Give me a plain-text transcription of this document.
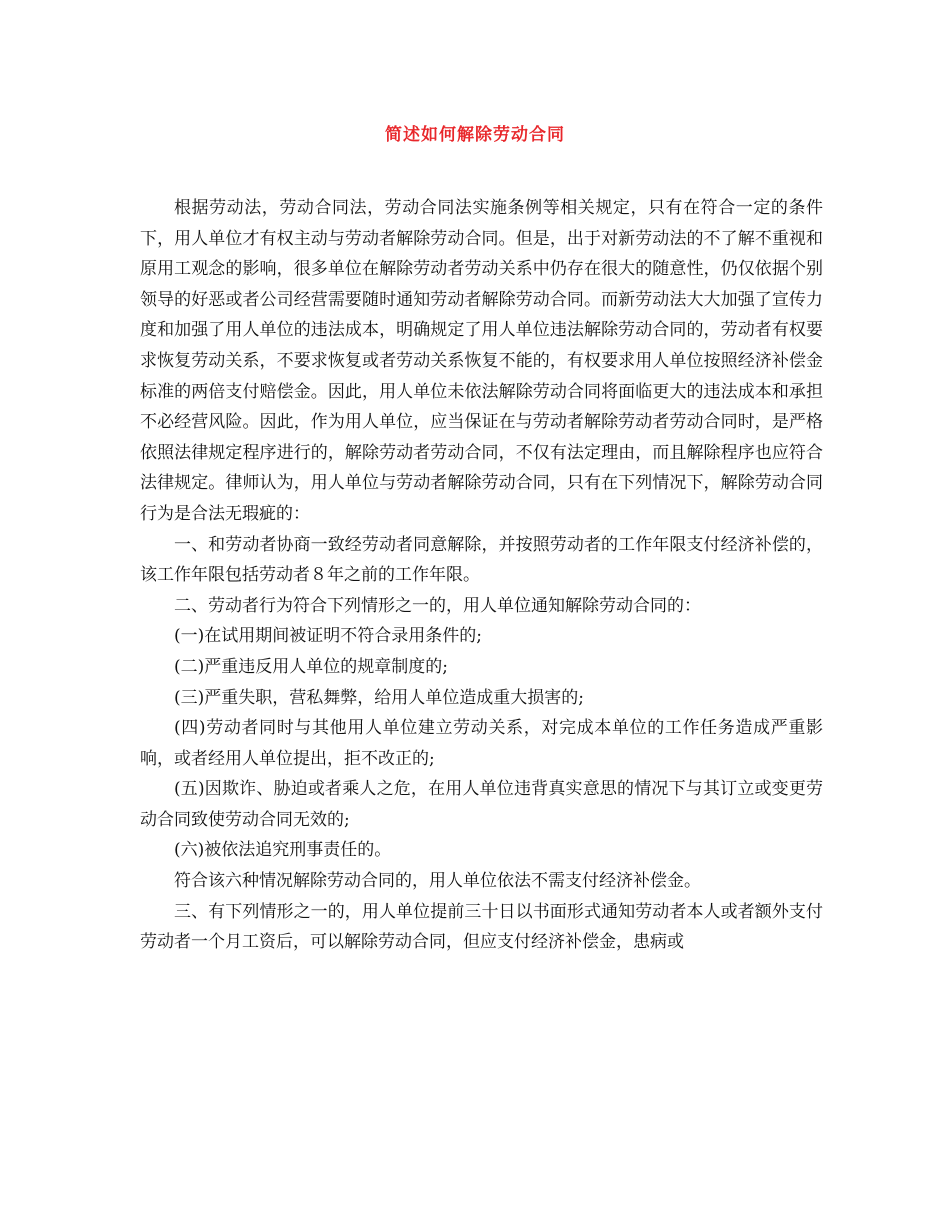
简述如何解除劳动合同

根据劳动法，劳动合同法，劳动合同法实施条例等相关规定，只有在符合一定的条件下，用人单位才有权主动与劳动者解除劳动合同。但是，出于对新劳动法的不了解不重视和原用工观念的影响，很多单位在解除劳动者劳动关系中仍存在很大的随意性，仍仅依据个别领导的好恶或者公司经营需要随时通知劳动者解除劳动合同。而新劳动法大大加强了宣传力度和加强了用人单位的违法成本，明确规定了用人单位违法解除劳动合同的，劳动者有权要求恢复劳动关系，不要求恢复或者劳动关系恢复不能的，有权要求用人单位按照经济补偿金标准的两倍支付赔偿金。因此，用人单位未依法解除劳动合同将面临更大的违法成本和承担不必经营风险。因此，作为用人单位，应当保证在与劳动者解除劳动者劳动合同时，是严格依照法律规定程序进行的，解除劳动者劳动合同，不仅有法定理由，而且解除程序也应符合法律规定。律师认为，用人单位与劳动者解除劳动合同，只有在下列情况下，解除劳动合同行为是合法无瑕疵的：

一、和劳动者协商一致经劳动者同意解除，并按照劳动者的工作年限支付经济补偿的，该工作年限包括劳动者８年之前的工作年限。

二、劳动者行为符合下列情形之一的，用人单位通知解除劳动合同的：

(一)在试用期间被证明不符合录用条件的;

(二)严重违反用人单位的规章制度的;

(三)严重失职，营私舞弊，给用人单位造成重大损害的;

(四)劳动者同时与其他用人单位建立劳动关系，对完成本单位的工作任务造成严重影响，或者经用人单位提出，拒不改正的;

(五)因欺诈、胁迫或者乘人之危，在用人单位违背真实意思的情况下与其订立或变更劳动合同致使劳动合同无效的;

(六)被依法追究刑事责任的。

符合该六种情况解除劳动合同的，用人单位依法不需支付经济补偿金。

三、有下列情形之一的，用人单位提前三十日以书面形式通知劳动者本人或者额外支付劳动者一个月工资后，可以解除劳动合同，但应支付经济补偿金，患病或
